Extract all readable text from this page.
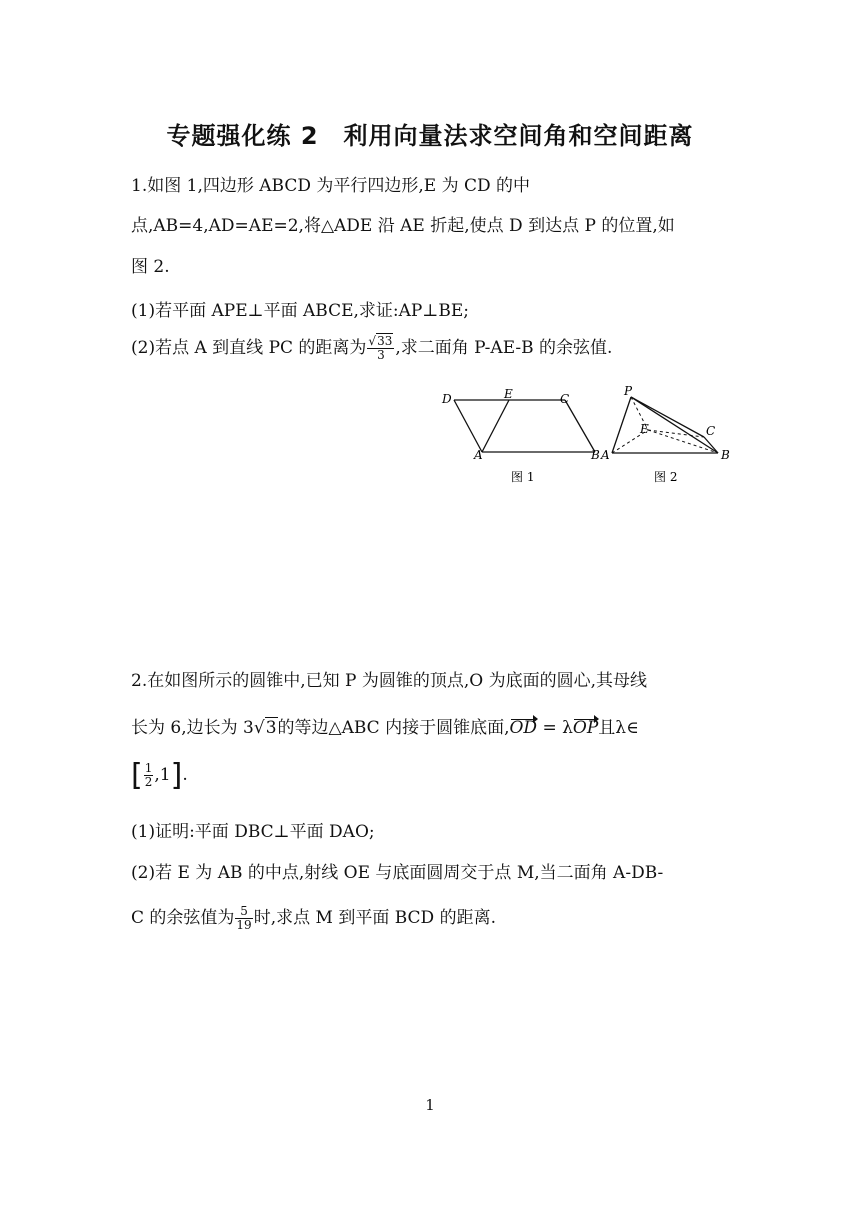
专题强化练 2　利用向量法求空间角和空间距离
1.如图 1,四边形 ABCD 为平行四边形,E 为 CD 的中
点,AB=4,AD=AE=2,将△ADE 沿 AE 折起,使点 D 到达点 P 的位置,如
图 2.
(1)若平面 APE⊥平面 ABCE,求证:AP⊥BE;
(2)若点 A 到直线 PC 的距离为 $\frac{√33}{3}$ ,求二面角 P-AE-B 的余弦值.
D	E	C
A	B
图 1
P
E	C
A	B
图 2
2.在如图所示的圆锥中,已知 P 为圆锥的顶点,O 为底面的圆心,其母线
长为 6,边长为 3√3的等边△ABC 内接于圆锥底面,OD = λOP且λ∈
[ $\frac{1}{2} ,1$].
(1)证明:平面 DBC⊥平面 DAO;
(2)若 E 为 AB 的中点,射线 OE 与底面圆周交于点 M,当二面角 A-DB-
C 的余弦值为 $\frac{5}{19}$ 时,求点 M 到平面 BCD 的距离.
1
